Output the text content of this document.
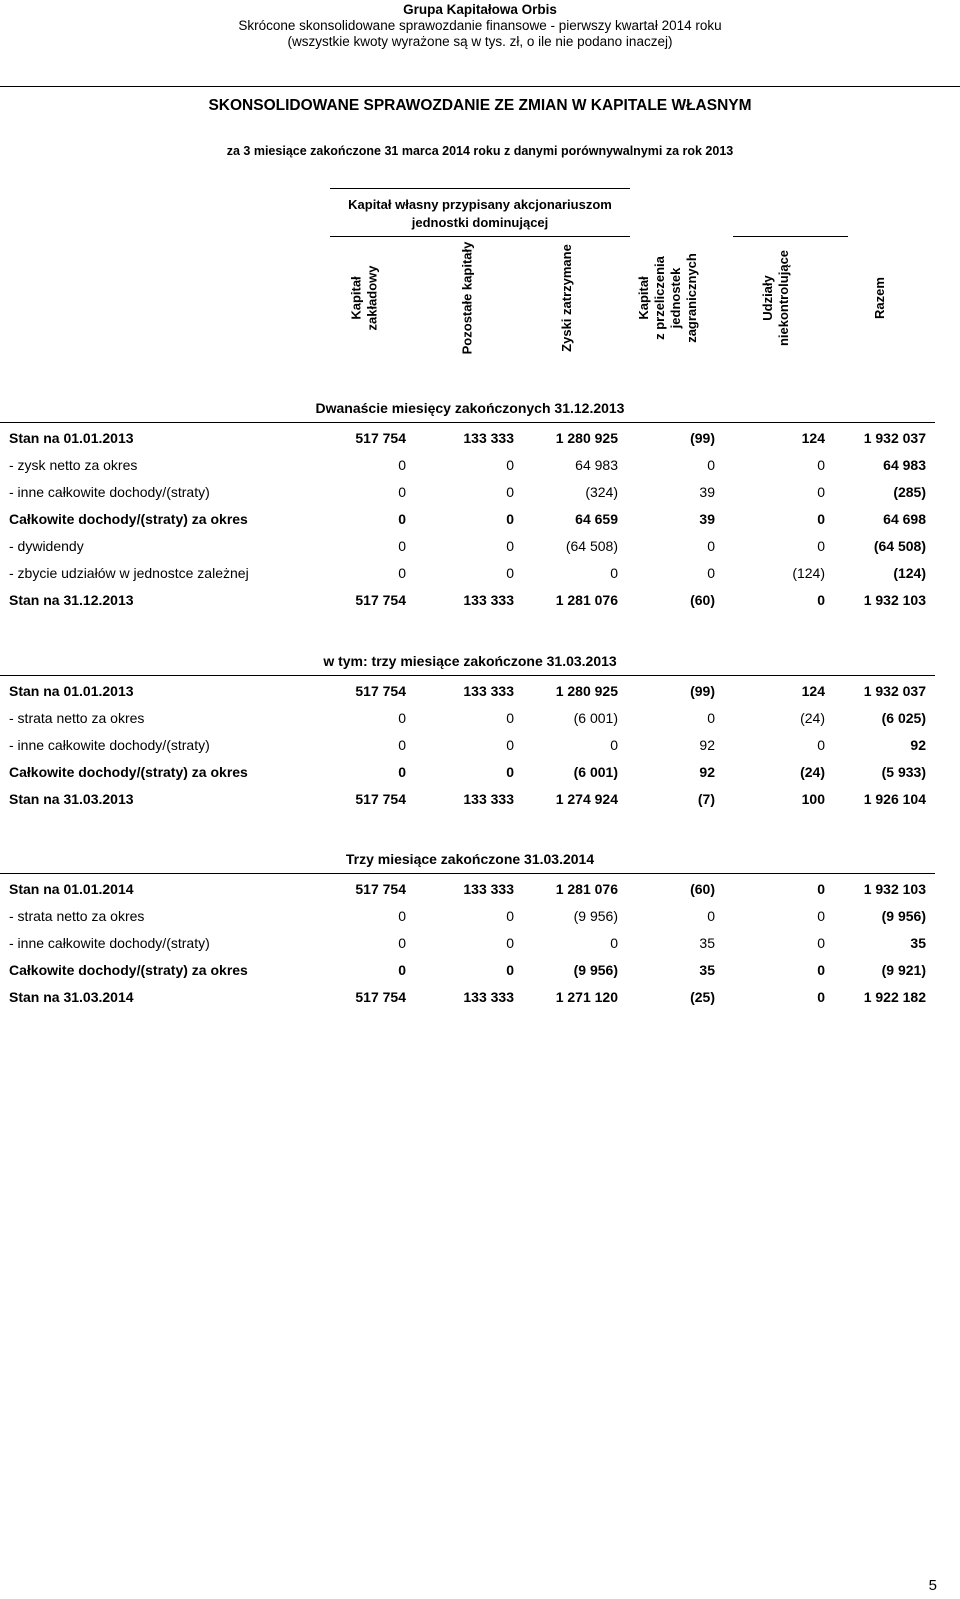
Grupa Kapitałowa Orbis
Skrócone skonsolidowane sprawozdanie finansowe - pierwszy kwartał 2014 roku
(wszystkie kwoty wyrażone są w tys. zł, o ile nie podano inaczej)
SKONSOLIDOWANE SPRAWOZDANIE ZE ZMIAN W KAPITALE WŁASNYM
za 3 miesiące zakończone 31 marca 2014 roku z danymi porównywalnymi za rok 2013
Kapitał własny przypisany akcjonariuszom jednostki dominującej
Kapitał
zakładowy	Pozostałe kapitały	Zyski zatrzymane	Kapitał
z przeliczenia
jednostek
zagranicznych	Udziały
niekontrolujące	Razem
Dwanaście miesięcy zakończonych 31.12.2013
Stan na 01.01.2013	517 754	133 333	1 280 925	(99)	124	1 932 037
- zysk netto za okres	0	0	64 983	0	0	64 983
- inne całkowite dochody/(straty)	0	0	(324)	39	0	(285)
Całkowite dochody/(straty) za okres	0	0	64 659	39	0	64 698
- dywidendy	0	0	(64 508)	0	0	(64 508)
- zbycie udziałów w jednostce zależnej	0	0	0	0	(124)	(124)
Stan na 31.12.2013	517 754	133 333	1 281 076	(60)	0	1 932 103
w tym: trzy miesiące zakończone 31.03.2013
Stan na 01.01.2013	517 754	133 333	1 280 925	(99)	124	1 932 037
- strata netto za okres	0	0	(6 001)	0	(24)	(6 025)
- inne całkowite dochody/(straty)	0	0	0	92	0	92
Całkowite dochody/(straty) za okres	0	0	(6 001)	92	(24)	(5 933)
Stan na 31.03.2013	517 754	133 333	1 274 924	(7)	100	1 926 104
Trzy miesiące zakończone 31.03.2014
Stan na 01.01.2014	517 754	133 333	1 281 076	(60)	0	1 932 103
- strata netto za okres	0	0	(9 956)	0	0	(9 956)
- inne całkowite dochody/(straty)	0	0	0	35	0	35
Całkowite dochody/(straty) za okres	0	0	(9 956)	35	0	(9 921)
Stan na 31.03.2014	517 754	133 333	1 271 120	(25)	0	1 922 182
5
